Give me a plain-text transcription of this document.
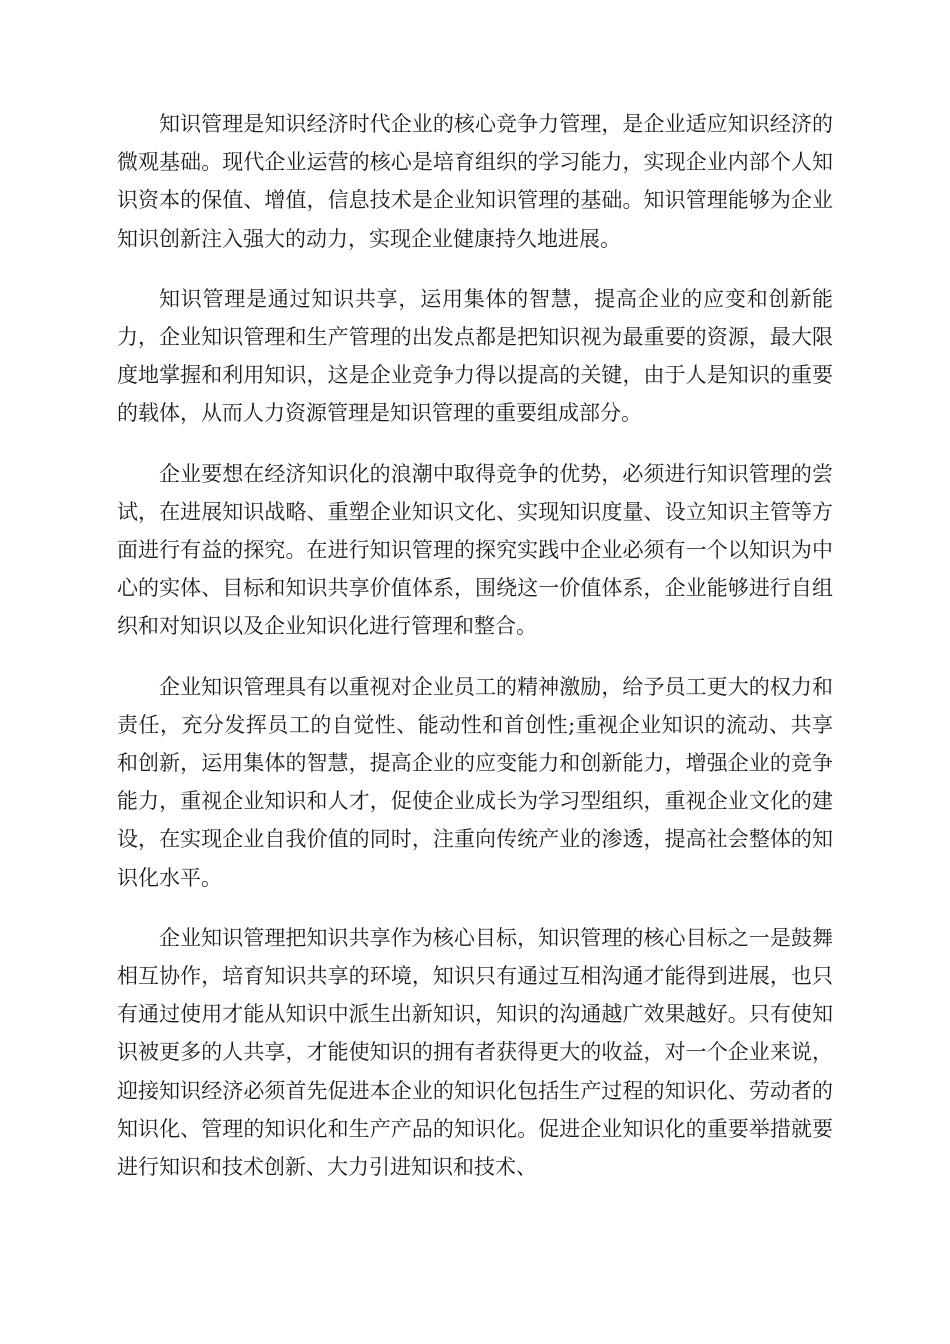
知识管理是知识经济时代企业的核心竞争力管理，是企业适应知识经济的微观基础。现代企业运营的核心是培育组织的学习能力，实现企业内部个人知识资本的保值、增值，信息技术是企业知识管理的基础。知识管理能够为企业知识创新注入强大的动力，实现企业健康持久地进展。

知识管理是通过知识共享，运用集体的智慧，提高企业的应变和创新能力，企业知识管理和生产管理的出发点都是把知识视为最重要的资源，最大限度地掌握和利用知识，这是企业竞争力得以提高的关键，由于人是知识的重要的载体，从而人力资源管理是知识管理的重要组成部分。

企业要想在经济知识化的浪潮中取得竞争的优势，必须进行知识管理的尝试，在进展知识战略、重塑企业知识文化、实现知识度量、设立知识主管等方面进行有益的探究。在进行知识管理的探究实践中企业必须有一个以知识为中心的实体、目标和知识共享价值体系，围绕这一价值体系，企业能够进行自组织和对知识以及企业知识化进行管理和整合。

企业知识管理具有以重视对企业员工的精神激励，给予员工更大的权力和责任，充分发挥员工的自觉性、能动性和首创性;重视企业知识的流动、共享和创新，运用集体的智慧，提高企业的应变能力和创新能力，增强企业的竞争能力，重视企业知识和人才，促使企业成长为学习型组织，重视企业文化的建设，在实现企业自我价值的同时，注重向传统产业的渗透，提高社会整体的知识化水平。

企业知识管理把知识共享作为核心目标，知识管理的核心目标之一是鼓舞相互协作，培育知识共享的环境，知识只有通过互相沟通才能得到进展，也只有通过使用才能从知识中派生出新知识，知识的沟通越广效果越好。只有使知识被更多的人共享，才能使知识的拥有者获得更大的收益，对一个企业来说，迎接知识经济必须首先促进本企业的知识化包括生产过程的知识化、劳动者的知识化、管理的知识化和生产产品的知识化。促进企业知识化的重要举措就要进行知识和技术创新、大力引进知识和技术、
